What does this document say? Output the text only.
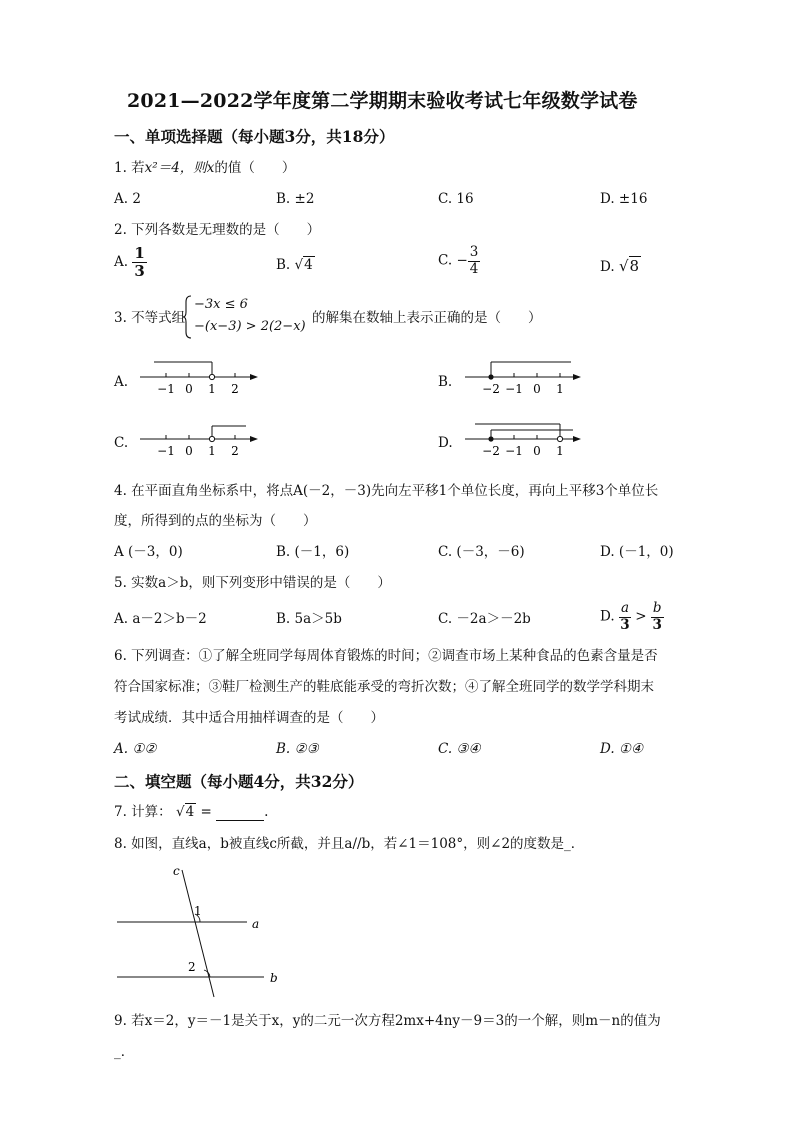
2021—2022学年度第二学期期末验收考试七年级数学试卷
一、单项选择题（每小题3分，共18分）
1. 若x²＝4，则x的值（　　）
A. 2	B. ±2	C. 16	D. ±16
2. 下列各数是无理数的是（　　）
A. $\frac{1}{3}$	B. √4	C. − $\frac{3}{4}$	D. √8
3. 不等式组
−3x ≤ 6
−(x−3) > 2(2−x)
的解集在数轴上表示正确的是（　　）
A. −1 0 1 2	B. −2 −1 0 1
C. −1 0 1 2	D. −2 −1 0 1
4. 在平面直角坐标系中，将点A(－2，－3)先向左平移1个单位长度，再向上平移3个单位长
度，所得到的点的坐标为（　　）
A (－3，0)	B. (－1，6)	C. (－3，－6)	D. (－1，0)
5. 实数a＞b，则下列变形中错误的是（　　）
A. a－2＞b－2	B. 5a＞5b	C. －2a＞－2b	D. $\frac{a}{3} > \frac{b}{3}$
6. 下列调查：①了解全班同学每周体育锻炼的时间；②调查市场上某种食品的色素含量是否
符合国家标准；③鞋厂检测生产的鞋底能承受的弯折次数；④了解全班同学的数学学科期末
考试成绩．其中适合用抽样调查的是（　　）
A. ①②	B. ②③	C. ③④	D. ①④
二、填空题（每小题4分，共32分）
7. 计算： √4 =	.
8. 如图，直线a，b被直线c所截，并且a//b，若∠1＝108°，则∠2的度数是_．
c
1
a
2
b
9. 若x＝2，y＝－1是关于x，y的二元一次方程2mx+4ny－9＝3的一个解，则m－n的值为
_．
